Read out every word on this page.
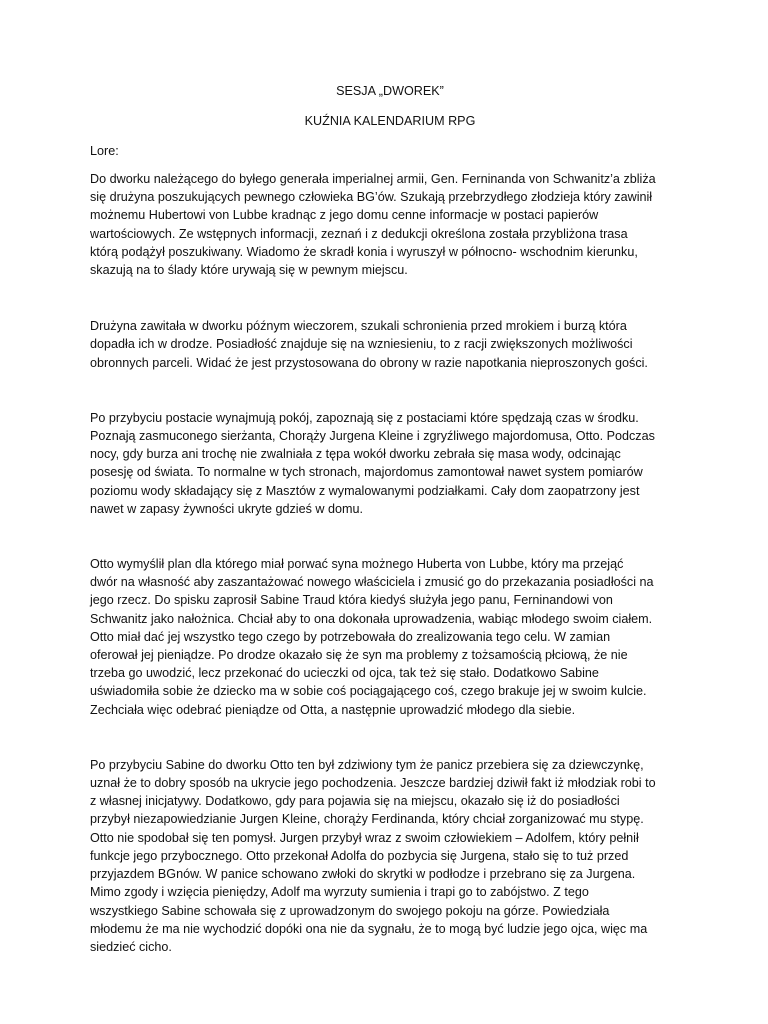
SESJA „DWOREK”

KUŹNIA KALENDARIUM RPG

Lore:

Do dworku należącego do byłego generała imperialnej armii, Gen. Ferninanda von Schwanitz’a zbliża
się drużyna poszukujących pewnego człowieka BG’ów. Szukają przebrzydłego złodzieja który zawinił
możnemu Hubertowi von Lubbe kradnąc z jego domu cenne informacje w postaci papierów
wartościowych. Ze wstępnych informacji, zeznań i z dedukcji określona została przybliżona trasa
którą podążył poszukiwany. Wiadomo że skradł konia i wyruszył w północno- wschodnim kierunku,
skazują na to ślady które urywają się w pewnym miejscu.

Drużyna zawitała w dworku późnym wieczorem, szukali schronienia przed mrokiem i burzą która
dopadła ich w drodze. Posiadłość znajduje się na wzniesieniu, to z racji zwiększonych możliwości
obronnych parceli. Widać że jest przystosowana do obrony w razie napotkania nieproszonych gości.

Po przybyciu postacie wynajmują pokój, zapoznają się z postaciami które spędzają czas w środku.
Poznają zasmuconego sierżanta, Chorąży Jurgena Kleine i zgryźliwego majordomusa, Otto. Podczas
nocy, gdy burza ani trochę nie zwalniała z tępa wokół dworku zebrała się masa wody, odcinając
posesję od świata. To normalne w tych stronach, majordomus zamontował nawet system pomiarów
poziomu wody składający się z Masztów z wymalowanymi podziałkami. Cały dom zaopatrzony jest
nawet w zapasy żywności ukryte gdzieś w domu.

Otto wymyślił plan dla którego miał porwać syna możnego Huberta von Lubbe, który ma przejąć
dwór na własność aby zaszantażować nowego właściciela i zmusić go do przekazania posiadłości na
jego rzecz. Do spisku zaprosił Sabine Traud która kiedyś służyła jego panu, Ferninandowi von
Schwanitz jako nałożnica. Chciał aby to ona dokonała uprowadzenia, wabiąc młodego swoim ciałem.
Otto miał dać jej wszystko tego czego by potrzebowała do zrealizowania tego celu. W zamian
oferował jej pieniądze. Po drodze okazało się że syn ma problemy z tożsamością płciową, że nie
trzeba go uwodzić, lecz przekonać do ucieczki od ojca, tak też się stało. Dodatkowo Sabine
uświadomiła sobie że dziecko ma w sobie coś pociągającego coś, czego brakuje jej w swoim kulcie.
Zechciała więc odebrać pieniądze od Otta, a następnie uprowadzić młodego dla siebie.

Po przybyciu Sabine do dworku Otto ten był zdziwiony tym że panicz przebiera się za dziewczynkę,
uznał że to dobry sposób na ukrycie jego pochodzenia. Jeszcze bardziej dziwił fakt iż młodziak robi to
z własnej inicjatywy. Dodatkowo, gdy para pojawia się na miejscu, okazało się iż do posiadłości
przybył niezapowiedzianie Jurgen Kleine, chorąży Ferdinanda, który chciał zorganizować mu stypę.
Otto nie spodobał się ten pomysł. Jurgen przybył wraz z swoim człowiekiem – Adolfem, który pełnił
funkcje jego przybocznego. Otto przekonał Adolfa do pozbycia się Jurgena, stało się to tuż przed
przyjazdem BGnów. W panice schowano zwłoki do skrytki w podłodze i przebrano się za Jurgena.
Mimo zgody i wzięcia pieniędzy, Adolf ma wyrzuty sumienia i trapi go to zabójstwo. Z tego
wszystkiego Sabine schowała się z uprowadzonym do swojego pokoju na górze. Powiedziała
młodemu że ma nie wychodzić dopóki ona nie da sygnału, że to mogą być ludzie jego ojca, więc ma
siedzieć cicho.
